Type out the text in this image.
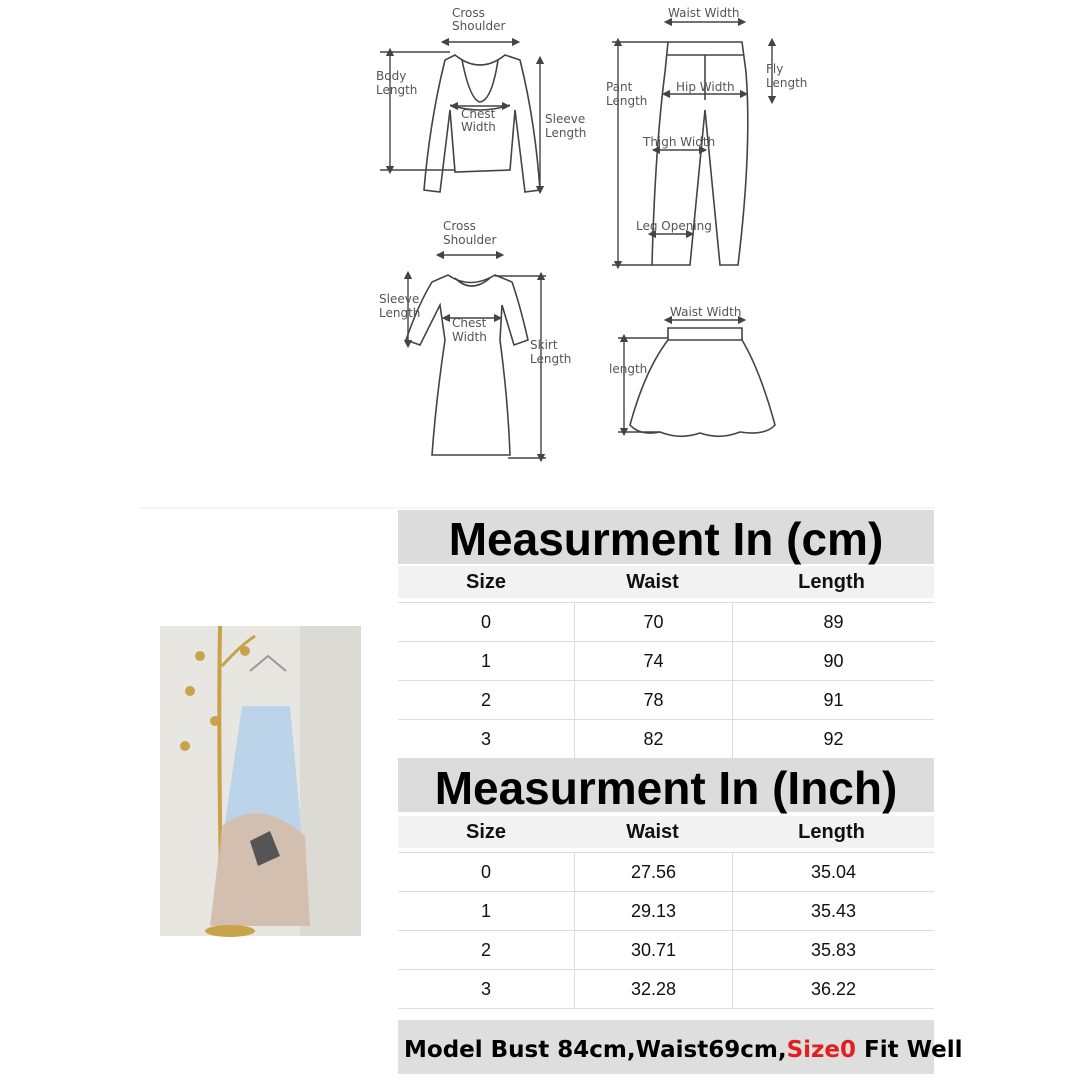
Cross
Shoulder
Body
Length
Chest
Width
Sleeve
Length
Waist Width
Pant
Length
Fly
Length
Hip Width
Thigh Width
Leg Opening
Cross
Shoulder
Sleeve
Length
Chest
Width
Skirt
Length
Waist Width
length
Measurment In (cm)
Size	Waist	Length
0	70	89
1	74	90
2	78	91
3	82	92
Measurment In (Inch)
Size	Waist	Length
0	27.56	35.04
1	29.13	35.43
2	30.71	35.83
3	32.28	36.22
Model Bust 84cm,Waist69cm,Size0 Fit Well
